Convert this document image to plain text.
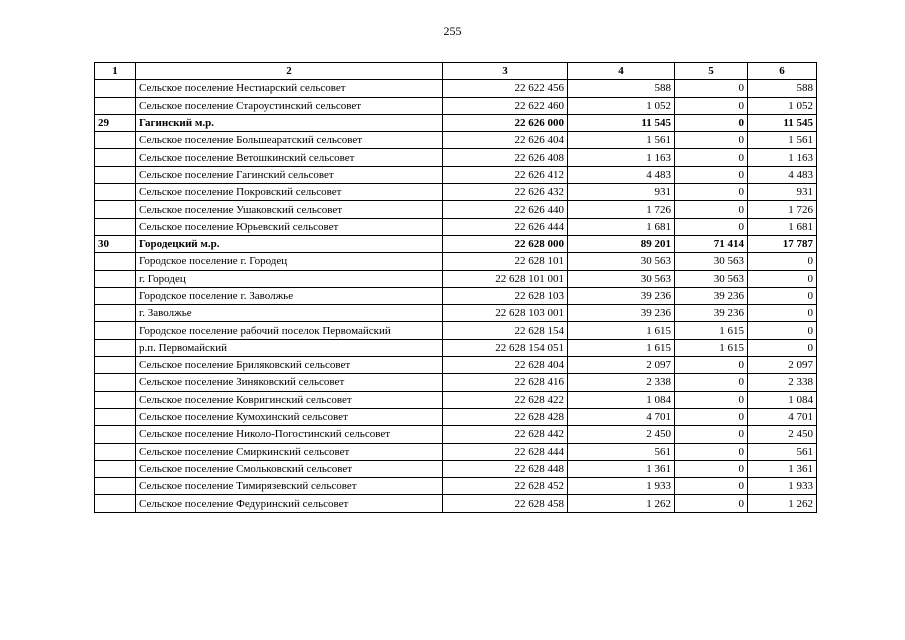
255
1	2	3	4	5	6
	Сельское поселение Нестиарский сельсовет	22 622 456	588	0	588
	Сельское поселение Староустинский сельсовет	22 622 460	1 052	0	1 052
29	Гагинский м.р.	22 626 000	11 545	0	11 545
	Сельское поселение Большеаратский сельсовет	22 626 404	1 561	0	1 561
	Сельское поселение Ветошкинский сельсовет	22 626 408	1 163	0	1 163
	Сельское поселение Гагинский сельсовет	22 626 412	4 483	0	4 483
	Сельское поселение Покровский сельсовет	22 626 432	931	0	931
	Сельское поселение Ушаковский сельсовет	22 626 440	1 726	0	1 726
	Сельское поселение Юрьевский сельсовет	22 626 444	1 681	0	1 681
30	Городецкий м.р.	22 628 000	89 201	71 414	17 787
	Городское поселение г. Городец	22 628 101	30 563	30 563	0
	г. Городец	22 628 101 001	30 563	30 563	0
	Городское поселение г. Заволжье	22 628 103	39 236	39 236	0
	г. Заволжье	22 628 103 001	39 236	39 236	0
	Городское поселение рабочий поселок Первомайский	22 628 154	1 615	1 615	0
	р.п. Первомайский	22 628 154 051	1 615	1 615	0
	Сельское поселение Бриляковский сельсовет	22 628 404	2 097	0	2 097
	Сельское поселение Зиняковский сельсовет	22 628 416	2 338	0	2 338
	Сельское поселение Ковригинский сельсовет	22 628 422	1 084	0	1 084
	Сельское поселение Кумохинский сельсовет	22 628 428	4 701	0	4 701
	Сельское поселение Николо-Погостинский сельсовет	22 628 442	2 450	0	2 450
	Сельское поселение Смиркинский сельсовет	22 628 444	561	0	561
	Сельское поселение Смольковский сельсовет	22 628 448	1 361	0	1 361
	Сельское поселение Тимирязевский сельсовет	22 628 452	1 933	0	1 933
	Сельское поселение Федуринский сельсовет	22 628 458	1 262	0	1 262
